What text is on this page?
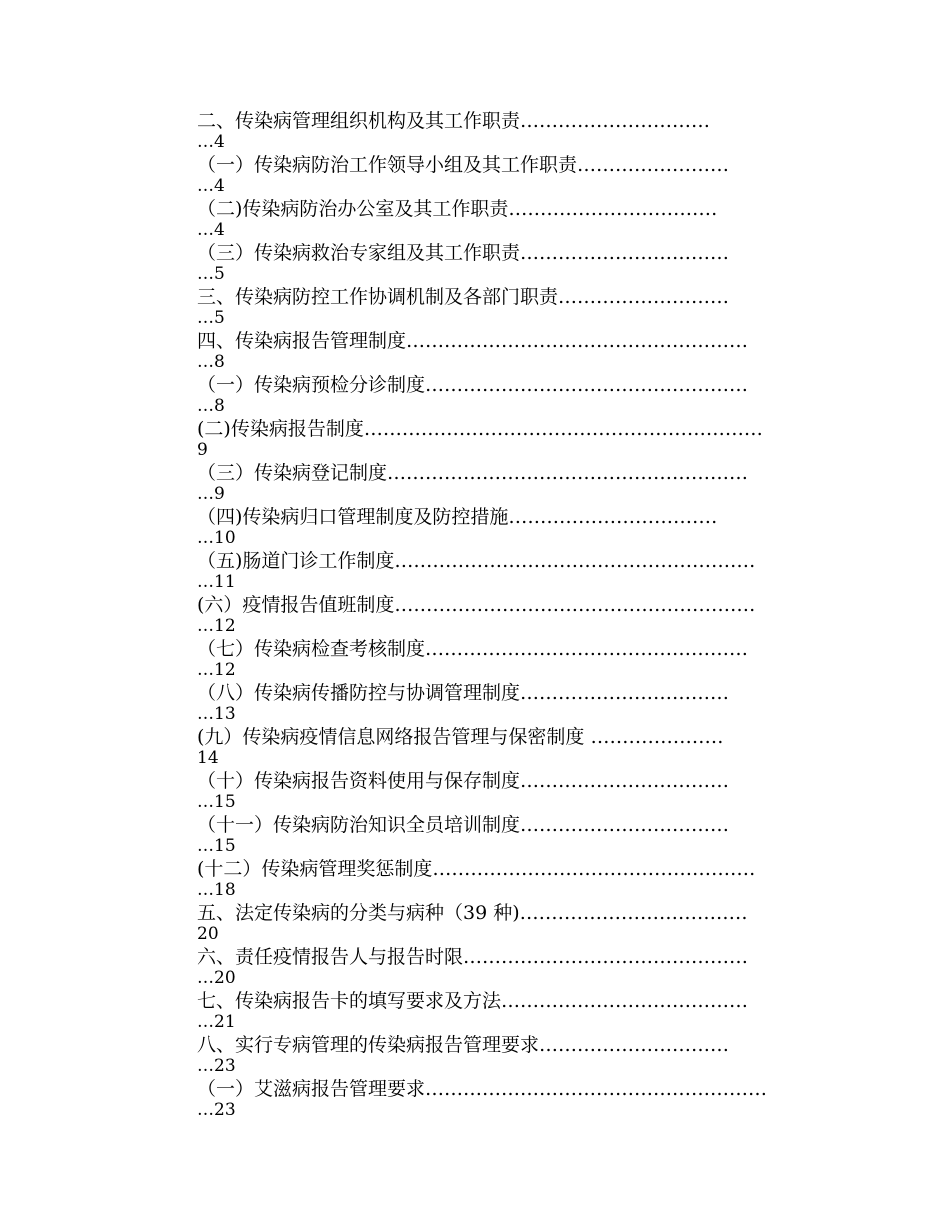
二、传染病管理组织机构及其工作职责…………………………
…4
（一）传染病防治工作领导小组及其工作职责……………………
…4
（二)传染病防治办公室及其工作职责……………………………
…4
（三）传染病救治专家组及其工作职责……………………………
…5
三、传染病防控工作协调机制及各部门职责………………………
…5
四、传染病报告管理制度………………………………………………
…8
（一）传染病预检分诊制度……………………………………………
…8
(二)传染病报告制度………………………………………………………
9
（三）传染病登记制度…………………………………………………
…9
（四)传染病归口管理制度及防控措施……………………………
…10
（五)肠道门诊工作制度…………………………………………………
…11
(六）疫情报告值班制度…………………………………………………
…12
（七）传染病检查考核制度……………………………………………
…12
（八）传染病传播防控与协调管理制度……………………………
…13
(九）传染病疫情信息网络报告管理与保密制度 …………………
14
（十）传染病报告资料使用与保存制度……………………………
…15
（十一）传染病防治知识全员培训制度……………………………
…15
(十二）传染病管理奖惩制度……………………………………………
…18
五、法定传染病的分类与病种（39 种)………………………………
20
六、责任疫情报告人与报告时限………………………………………
…20
七、传染病报告卡的填写要求及方法…………………………………
…21
八、实行专病管理的传染病报告管理要求…………………………
…23
（一）艾滋病报告管理要求………………………………………………
…23
